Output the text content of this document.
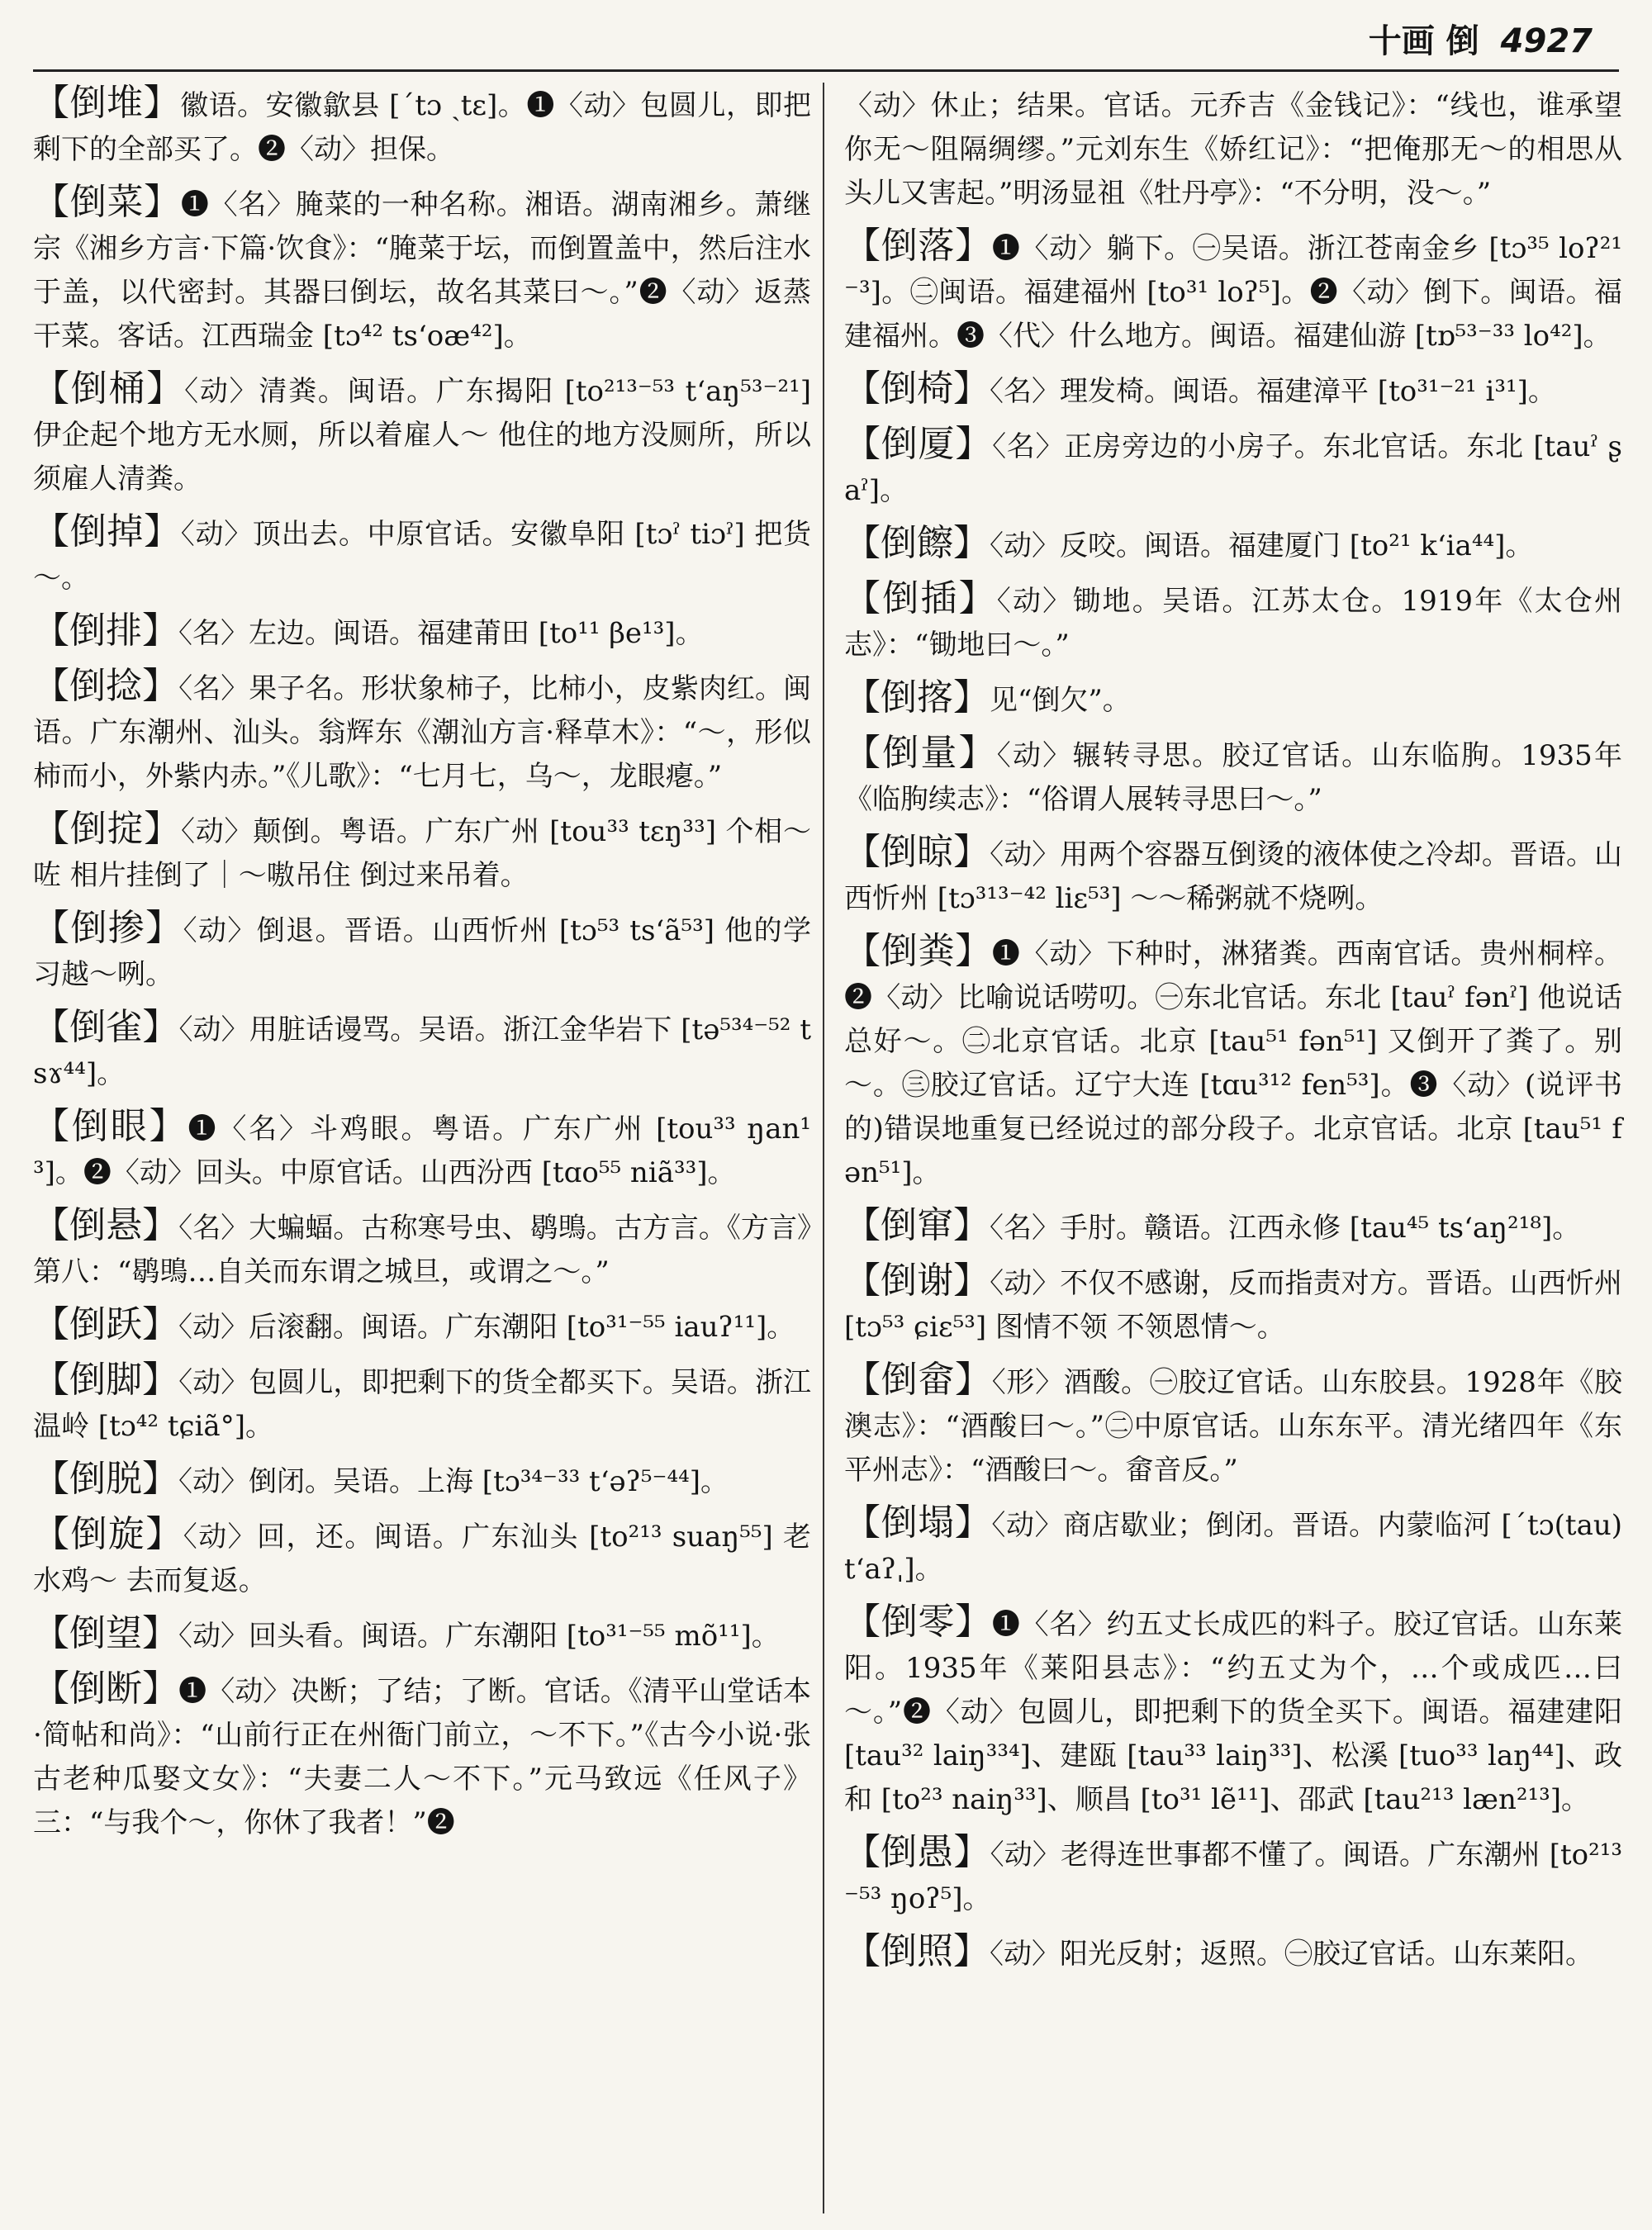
十画 倒 4927

【倒堆】徽语。安徽歙县 [ˊtɔ ˏtɛ]。❶〈动〉包圆儿，即把剩下的全部买了。❷〈动〉担保。

【倒菜】❶〈名〉腌菜的一种名称。湘语。湖南湘乡。萧继宗《湘乡方言·下篇·饮食》：“腌菜于坛，而倒置盖中，然后注水于盖，以代密封。其器曰倒坛，故名其菜曰～。”❷〈动〉返蒸干菜。客话。江西瑞金 [tɔ⁴² tsʻoæ⁴²]。

【倒桶】〈动〉清粪。闽语。广东揭阳 [to²¹³⁻⁵³ tʻaŋ⁵³⁻²¹] 伊企起个地方无水厕，所以着雇人～ 他住的地方没厕所，所以须雇人清粪。

【倒掉】〈动〉顶出去。中原官话。安徽阜阳 [tɔˀ tiɔˀ] 把货～。

【倒排】〈名〉左边。闽语。福建莆田 [to¹¹ βe¹³]。

【倒捻】〈名〉果子名。形状象柿子，比柿小，皮紫肉红。闽语。广东潮州、汕头。翁辉东《潮汕方言·释草木》：“～，形似柿而小，外紫内赤。”《儿歌》：“七月七，乌～，龙眼瘪。”

【倒掟】〈动〉颠倒。粤语。广东广州 [tou³³ tɛŋ³³] 个相～咗 相片挂倒了｜～嗷吊住 倒过来吊着。

【倒掺】〈动〉倒退。晋语。山西忻州 [tɔ⁵³ tsʻã⁵³] 他的学习越～咧。

【倒雀】〈动〉用脏话谩骂。吴语。浙江金华岩下 [tə⁵³⁴⁻⁵² tsɤ⁴⁴]。

【倒眼】❶〈名〉斗鸡眼。粤语。广东广州 [tou³³ ŋan¹³]。❷〈动〉回头。中原官话。山西汾西 [tɑo⁵⁵ niã³³]。

【倒悬】〈名〉大蝙蝠。古称寒号虫、鹖鴠。古方言。《方言》第八：“鹖鴠…自关而东谓之城旦，或谓之～。”

【倒跃】〈动〉后滚翻。闽语。广东潮阳 [to³¹⁻⁵⁵ iauʔ¹¹]。

【倒脚】〈动〉包圆儿，即把剩下的货全都买下。吴语。浙江温岭 [tɔ⁴² tɕiã°]。

【倒脱】〈动〉倒闭。吴语。上海 [tɔ³⁴⁻³³ tʻəʔ⁵⁻⁴⁴]。

【倒旋】〈动〉回，还。闽语。广东汕头 [to²¹³ suaŋ⁵⁵] 老水鸡～ 去而复返。

【倒望】〈动〉回头看。闽语。广东潮阳 [to³¹⁻⁵⁵ mõ¹¹]。

【倒断】❶〈动〉决断；了结；了断。官话。《清平山堂话本·简帖和尚》：“山前行正在州衙门前立，～不下。”《古今小说·张古老种瓜娶文女》：“夫妻二人～不下。”元马致远《任风子》三：“与我个～，你休了我者！”❷

〈动〉休止；结果。官话。元乔吉《金钱记》：“线也，谁承望你无～阻隔绸缪。”元刘东生《娇红记》：“把俺那无～的相思从头儿又害起。”明汤显祖《牡丹亭》：“不分明，没～。”

【倒落】❶〈动〉躺下。㊀吴语。浙江苍南金乡 [tɔ³⁵ loʔ²¹⁻³]。㊁闽语。福建福州 [to³¹ loʔ⁵]。❷〈动〉倒下。闽语。福建福州。❸〈代〉什么地方。闽语。福建仙游 [tɒ⁵³⁻³³ lo⁴²]。

【倒椅】〈名〉理发椅。闽语。福建漳平 [to³¹⁻²¹ i³¹]。

【倒厦】〈名〉正房旁边的小房子。东北官话。东北 [tauˀ ʂaˀ]。

【倒𩟔】〈动〉反咬。闽语。福建厦门 [to²¹ kʻia⁴⁴]。

【倒插】〈动〉锄地。吴语。江苏太仓。1919年《太仓州志》：“锄地曰～。”

【倒揢】见“倒欠”。

【倒量】〈动〉辗转寻思。胶辽官话。山东临朐。1935年《临朐续志》：“俗谓人展转寻思曰～。”

【倒晾】〈动〉用两个容器互倒烫的液体使之冷却。晋语。山西忻州 [tɔ³¹³⁻⁴² liɛ⁵³] ～～稀粥就不烧咧。

【倒粪】❶〈动〉下种时，淋猪粪。西南官话。贵州桐梓。❷〈动〉比喻说话唠叨。㊀东北官话。东北 [tauˀ fənˀ] 他说话总好～。㊁北京官话。北京 [tau⁵¹ fən⁵¹] 又倒开了粪了。别～。㊂胶辽官话。辽宁大连 [tɑu³¹² fen⁵³]。❸〈动〉(说评书的)错误地重复已经说过的部分段子。北京官话。北京 [tau⁵¹ fən⁵¹]。

【倒窜】〈名〉手肘。赣语。江西永修 [tau⁴⁵ tsʻaŋ²¹⁸]。

【倒谢】〈动〉不仅不感谢，反而指责对方。晋语。山西忻州 [tɔ⁵³ ɕiɛ⁵³] 图情不领 不领恩情～。

【倒畲】〈形〉酒酸。㊀胶辽官话。山东胶县。1928年《胶澳志》：“酒酸曰～。”㊁中原官话。山东东平。清光绪四年《东平州志》：“酒酸曰～。畲音反。”

【倒塌】〈动〉商店歇业；倒闭。晋语。内蒙临河 [ˊtɔ(tau) tʻaʔˌ]。

【倒零】❶〈名〉约五丈长成匹的料子。胶辽官话。山东莱阳。1935年《莱阳县志》：“约五丈为个，…个或成匹…曰～。”❷〈动〉包圆儿，即把剩下的货全买下。闽语。福建建阳 [tau³² laiŋ³³⁴]、建瓯 [tau³³ laiŋ³³]、松溪 [tuo³³ laŋ⁴⁴]、政和 [to²³ naiŋ³³]、顺昌 [to³¹ lẽ¹¹]、邵武 [tau²¹³ læn²¹³]。

【倒愚】〈动〉老得连世事都不懂了。闽语。广东潮州 [to²¹³⁻⁵³ ŋoʔ⁵]。

【倒照】〈动〉阳光反射；返照。㊀胶辽官话。山东莱阳。
